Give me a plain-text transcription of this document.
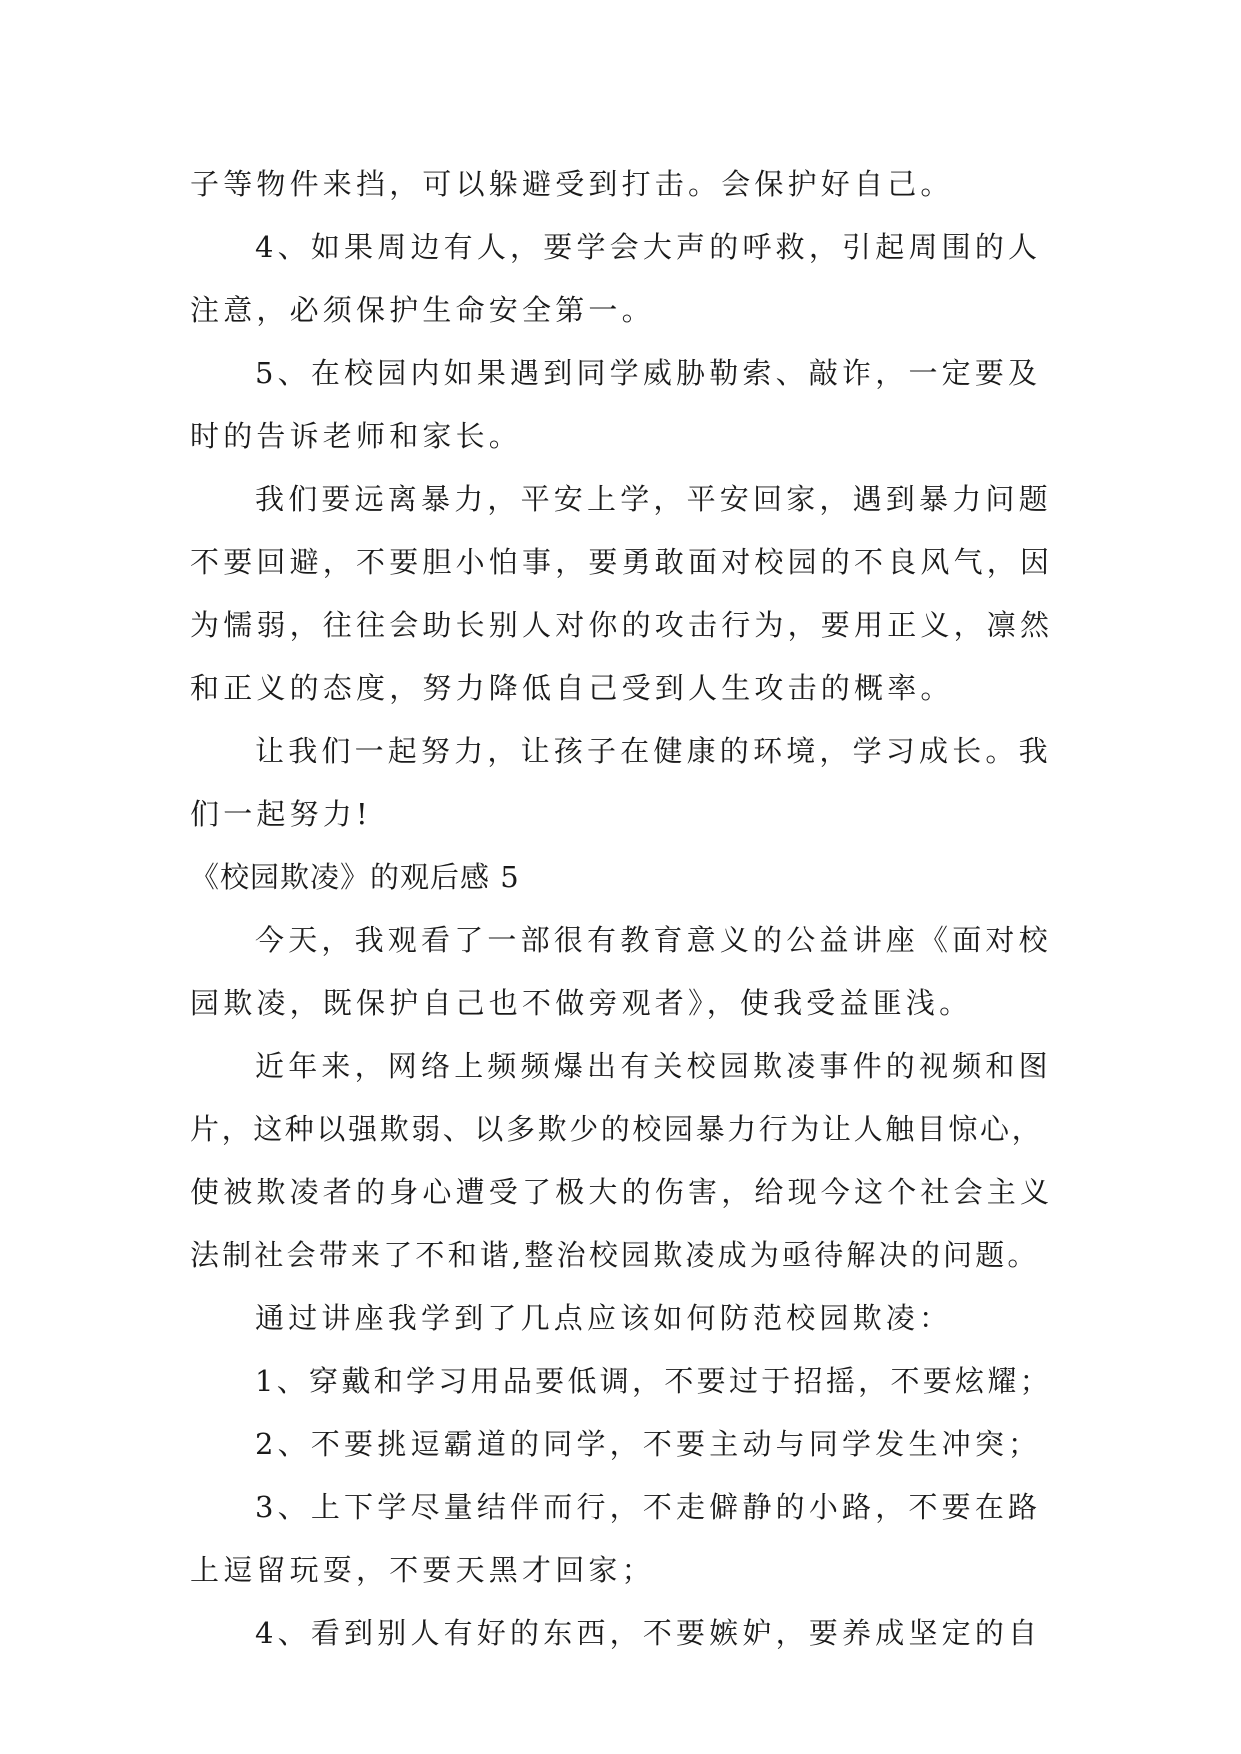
子等物件来挡，可以躲避受到打击。会保护好自己。
4、如果周边有人，要学会大声的呼救，引起周围的人
注意，必须保护生命安全第一。
5、在校园内如果遇到同学威胁勒索、敲诈，一定要及
时的告诉老师和家长。
我们要远离暴力，平安上学，平安回家，遇到暴力问题
不要回避，不要胆小怕事，要勇敢面对校园的不良风气，因
为懦弱，往往会助长别人对你的攻击行为，要用正义，凛然
和正义的态度，努力降低自己受到人生攻击的概率。
让我们一起努力，让孩子在健康的环境，学习成长。我
们一起努力!
《校园欺凌》的观后感 5
今天，我观看了一部很有教育意义的公益讲座《面对校
园欺凌，既保护自己也不做旁观者》，使我受益匪浅。
近年来，网络上频频爆出有关校园欺凌事件的视频和图
片，这种以强欺弱、以多欺少的校园暴力行为让人触目惊心，
使被欺凌者的身心遭受了极大的伤害，给现今这个社会主义
法制社会带来了不和谐,整治校园欺凌成为亟待解决的问题。
通过讲座我学到了几点应该如何防范校园欺凌：
1、穿戴和学习用品要低调，不要过于招摇，不要炫耀；
2、不要挑逗霸道的同学，不要主动与同学发生冲突；
3、上下学尽量结伴而行，不走僻静的小路，不要在路
上逗留玩耍，不要天黑才回家；
4、看到别人有好的东西，不要嫉妒，要养成坚定的自
